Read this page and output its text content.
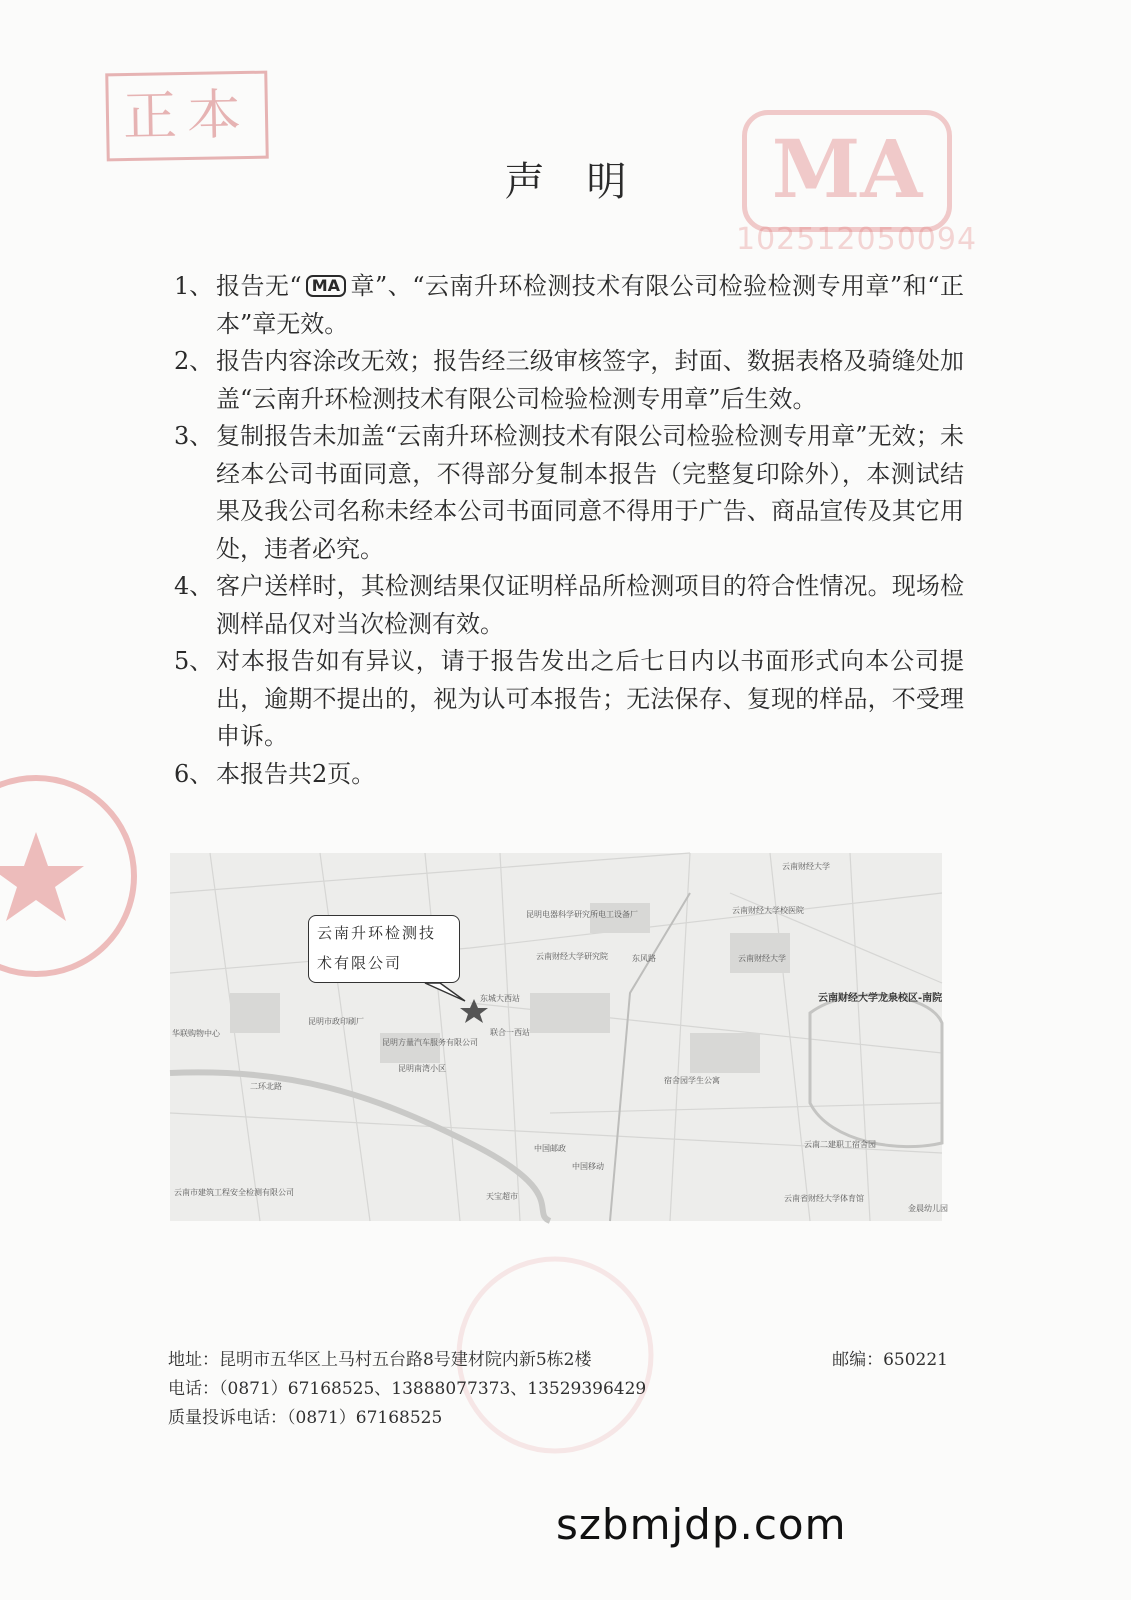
正本
MA
102512050094
声明
1、 报告无“ MA 章”、“云南升环检测技术有限公司检验检测专用章”和“正本”章无效。
2、 报告内容涂改无效；报告经三级审核签字，封面、数据表格及骑缝处加盖“云南升环检测技术有限公司检验检测专用章”后生效。
3、 复制报告未加盖“云南升环检测技术有限公司检验检测专用章”无效；未经本公司书面同意，不得部分复制本报告（完整复印除外），本测试结果及我公司名称未经本公司书面同意不得用于广告、商品宣传及其它用处，违者必究。
4、 客户送样时，其检测结果仅证明样品所检测项目的符合性情况。现场检测样品仅对当次检测有效。
5、 对本报告如有异议，请于报告发出之后七日内以书面形式向本公司提出，逾期不提出的，视为认可本报告；无法保存、复现的样品，不受理申诉。
6、 本报告共2页。
云南升环检测技
术有限公司
云南财经大学
云南财经大学龙泉校区-南院
昆明电器科学研究所电工设备厂
云南财经大学研究院
东城大西站
联合一西站
昆明市政印刷厂
昆明方量汽车服务有限公司
昆明南湾小区
华联购物中心
二环北路
中国邮政
中国移动
宿舍园学生公寓
云南二建职工宿舍园
东风路
云南省财经大学体育馆
金晨幼儿园
云南市建筑工程安全检测有限公司	天宝超市
云南财经大学校医院
云南财经大学
地址：昆明市五华区上马村五台路8号建材院内新5栋2楼	邮编：650221
电话：（0871）67168525、13888077373、13529396429
质量投诉电话：（0871）67168525
szbmjdp.com
